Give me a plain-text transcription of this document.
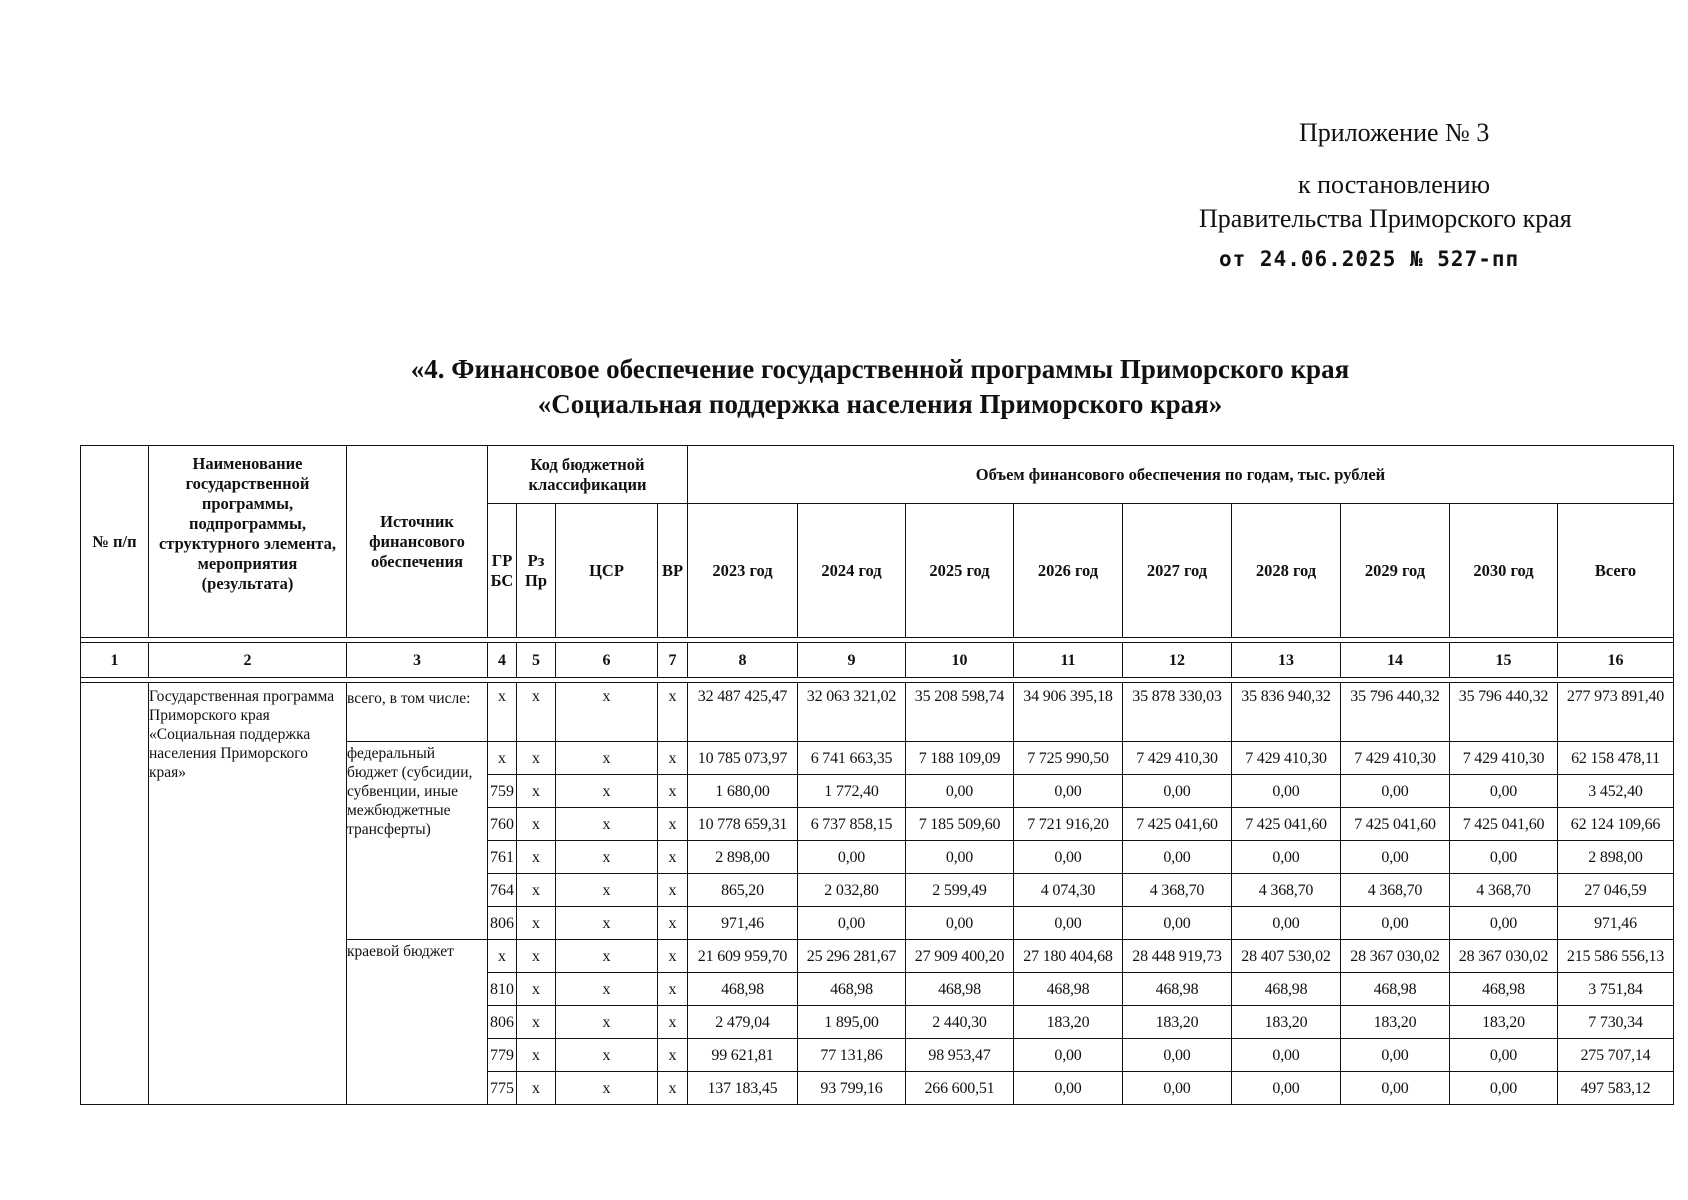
Приложение № 3
к постановлению
Правительства Приморского края
от 24.06.2025 № 527-пп
«4. Финансовое обеспечение государственной программы Приморского края
«Социальная поддержка населения Приморского края»
№ п/п	Наименование государственной программы, подпрограммы, структурного элемента, мероприятия (результата)	Источник финансового обеспечения	Код бюджетной классификации				Объем финансового обеспечения по годам, тыс. рублей								
			ГР БС	Рз Пр	ЦСР	ВР	2023 год	2024 год	2025 год	2026 год	2027 год	2028 год	2029 год	2030 год	Всего

1	2	3	4	5	6	7	8	9	10	11	12	13	14	15	16

	Государственная программа Приморского края «Социальная поддержка населения Приморского края»	всего, в том числе:	x	x	x	x	32 487 425,47	32 063 321,02	35 208 598,74	34 906 395,18	35 878 330,03	35 836 940,32	35 796 440,32	35 796 440,32	277 973 891,40
		федеральный бюджет (субсидии, субвенции, иные межбюджетные трансферты)	x	x	x	x	10 785 073,97	6 741 663,35	7 188 109,09	7 725 990,50	7 429 410,30	7 429 410,30	7 429 410,30	7 429 410,30	62 158 478,11
			759	x	x	x	1 680,00	1 772,40	0,00	0,00	0,00	0,00	0,00	0,00	3 452,40
			760	x	x	x	10 778 659,31	6 737 858,15	7 185 509,60	7 721 916,20	7 425 041,60	7 425 041,60	7 425 041,60	7 425 041,60	62 124 109,66
			761	x	x	x	2 898,00	0,00	0,00	0,00	0,00	0,00	0,00	0,00	2 898,00
			764	x	x	x	865,20	2 032,80	2 599,49	4 074,30	4 368,70	4 368,70	4 368,70	4 368,70	27 046,59
			806	x	x	x	971,46	0,00	0,00	0,00	0,00	0,00	0,00	0,00	971,46
		краевой бюджет	x	x	x	x	21 609 959,70	25 296 281,67	27 909 400,20	27 180 404,68	28 448 919,73	28 407 530,02	28 367 030,02	28 367 030,02	215 586 556,13
			810	x	x	x	468,98	468,98	468,98	468,98	468,98	468,98	468,98	468,98	3 751,84
			806	x	x	x	2 479,04	1 895,00	2 440,30	183,20	183,20	183,20	183,20	183,20	7 730,34
			779	x	x	x	99 621,81	77 131,86	98 953,47	0,00	0,00	0,00	0,00	0,00	275 707,14
			775	x	x	x	137 183,45	93 799,16	266 600,51	0,00	0,00	0,00	0,00	0,00	497 583,12
